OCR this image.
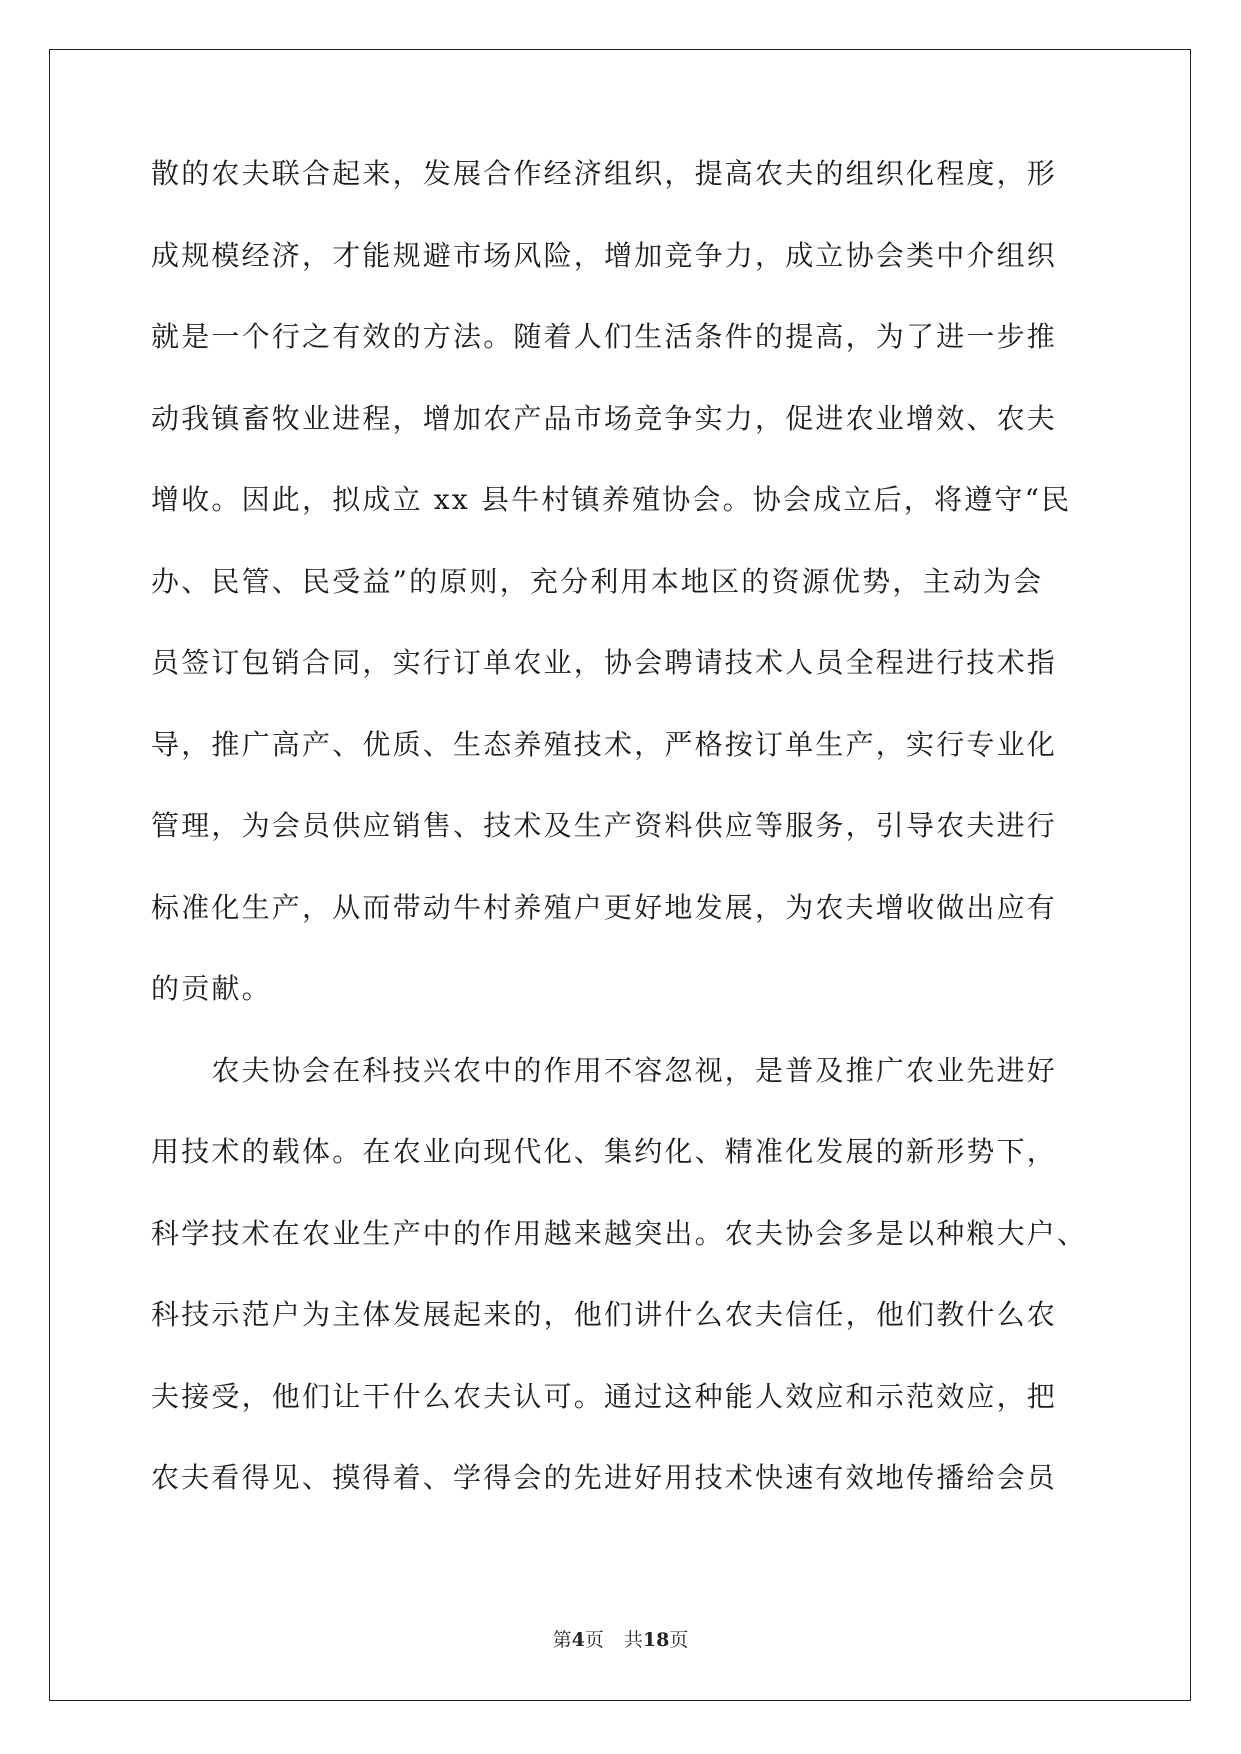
散的农夫联合起来，发展合作经济组织，提高农夫的组织化程度，形
成规模经济，才能规避市场风险，增加竞争力，成立协会类中介组织
就是一个行之有效的方法。随着人们生活条件的提高，为了进一步推
动我镇畜牧业进程，增加农产品市场竞争实力，促进农业增效、农夫
增收。因此，拟成立 xx 县牛村镇养殖协会。协会成立后，将遵守“民
办、民管、民受益”的原则，充分利用本地区的资源优势，主动为会
员签订包销合同，实行订单农业，协会聘请技术人员全程进行技术指
导，推广高产、优质、生态养殖技术，严格按订单生产，实行专业化
管理，为会员供应销售、技术及生产资料供应等服务，引导农夫进行
标准化生产，从而带动牛村养殖户更好地发展，为农夫增收做出应有
的贡献。
　　农夫协会在科技兴农中的作用不容忽视，是普及推广农业先进好
用技术的载体。在农业向现代化、集约化、精准化发展的新形势下，
科学技术在农业生产中的作用越来越突出。农夫协会多是以种粮大户、
科技示范户为主体发展起来的，他们讲什么农夫信任，他们教什么农
夫接受，他们让干什么农夫认可。通过这种能人效应和示范效应，把
农夫看得见、摸得着、学得会的先进好用技术快速有效地传播给会员
第4页 共18页
